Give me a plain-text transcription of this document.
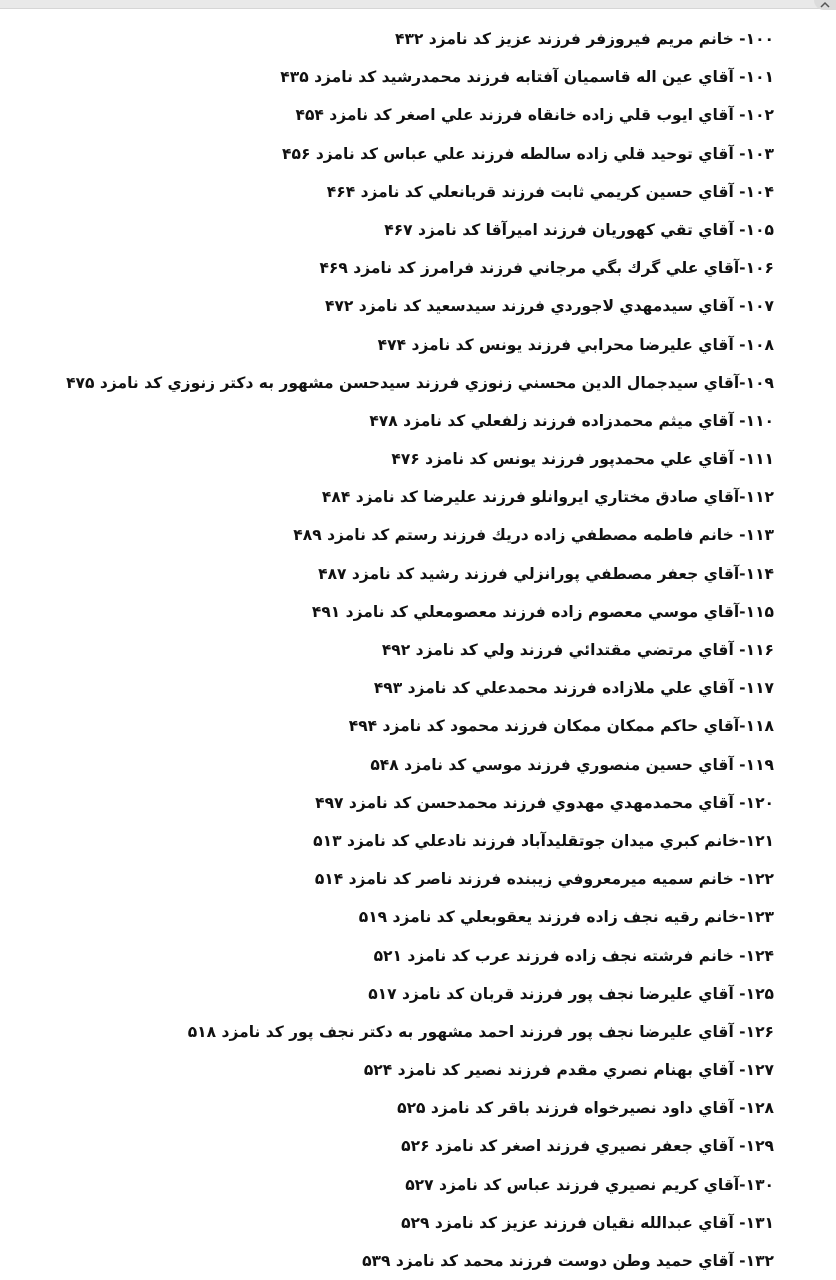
۱۰۰- خانم مريم فيروزفر فرزند عزيز كد نامزد ۴۳۲
۱۰۱- آقاي عين اله قاسميان آفتابه فرزند محمدرشيد كد نامزد ۴۳۵
۱۰۲- آقاي ايوب قلي زاده خانقاه فرزند علي اصغر كد نامزد ۴۵۴
۱۰۳- آقاي توحيد قلي زاده سالطه فرزند علي عباس كد نامزد ۴۵۶
۱۰۴- آقاي حسين كريمي ثابت فرزند قربانعلي كد نامزد ۴۶۴
۱۰۵- آقاي تقي كهوريان فرزند اميرآقا كد نامزد ۴۶۷
۱۰۶-آقاي علي گرك بگي مرجاني فرزند فرامرز كد نامزد ۴۶۹
۱۰۷- آقاي سيدمهدي لاجوردي فرزند سيدسعيد كد نامزد ۴۷۲
۱۰۸- آقاي عليرضا محرابي فرزند يونس كد نامزد ۴۷۴
۱۰۹-آقاي سيدجمال الدين محسني زنوزي فرزند سيدحسن مشهور به دكتر زنوزي كد نامزد ۴۷۵
۱۱۰- آقاي ميثم محمدزاده فرزند زلفعلي كد نامزد ۴۷۸
۱۱۱- آقاي علي محمدپور فرزند يونس كد نامزد ۴۷۶
۱۱۲-آقاي صادق مختاري ايروانلو فرزند عليرضا كد نامزد ۴۸۴
۱۱۳- خانم فاطمه مصطفي زاده دريك فرزند رستم كد نامزد ۴۸۹
۱۱۴-آقاي جعفر مصطفي پورانزلي فرزند رشيد كد نامزد ۴۸۷
۱۱۵-آقاي موسي معصوم زاده فرزند معصومعلي كد نامزد ۴۹۱
۱۱۶- آقاي مرتضي مقتدائي فرزند ولي كد نامزد ۴۹۲
۱۱۷- آقاي علي ملازاده فرزند محمدعلي كد نامزد ۴۹۳
۱۱۸-آقاي حاكم ممكان ممكان فرزند محمود كد نامزد ۴۹۴
۱۱۹- آقاي حسين منصوري فرزند موسي كد نامزد ۵۴۸
۱۲۰- آقاي محمدمهدي مهدوي فرزند محمدحسن كد نامزد ۴۹۷
۱۲۱-خانم كبري ميدان جوتقليدآباد فرزند نادعلي كد نامزد ۵۱۳
۱۲۲- خانم سميه ميرمعروفي زيبنده فرزند ناصر كد نامزد ۵۱۴
۱۲۳-خانم رقيه نجف زاده فرزند يعقوبعلي كد نامزد ۵۱۹
۱۲۴- خانم فرشته نجف زاده فرزند عرب كد نامزد ۵۲۱
۱۲۵- آقاي عليرضا نجف پور فرزند قربان كد نامزد ۵۱۷
۱۲۶- آقاي عليرضا نجف پور فرزند احمد مشهور به دكتر نجف پور كد نامزد ۵۱۸
۱۲۷- آقاي بهنام نصري مقدم فرزند نصير كد نامزد ۵۲۴
۱۲۸- آقاي داود نصيرخواه فرزند باقر كد نامزد ۵۲۵
۱۲۹- آقاي جعفر نصيري فرزند اصغر كد نامزد ۵۲۶
۱۳۰-آقاي كريم نصيري فرزند عباس كد نامزد ۵۲۷
۱۳۱- آقاي عبدالله نقيان فرزند عزيز كد نامزد ۵۲۹
۱۳۲- آقاي حميد وطن دوست فرزند محمد كد نامزد ۵۳۹
